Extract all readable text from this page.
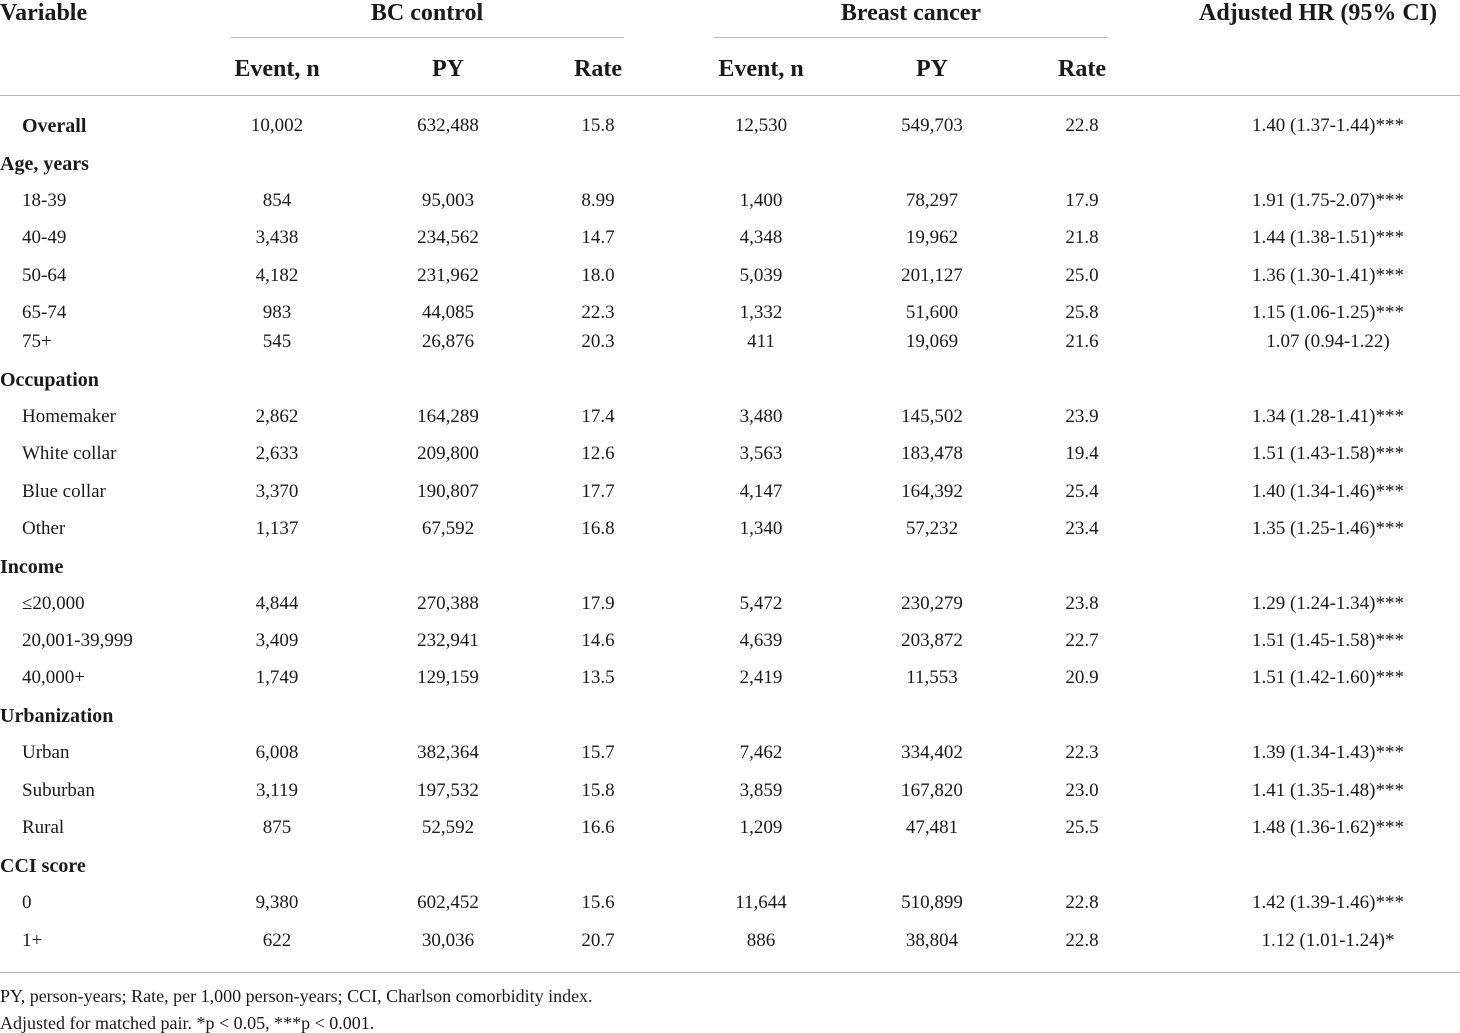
Variable	BC control	Breast cancer	Adjusted HR (95% CI)
Event, n	PY	Rate	Event, n	PY	Rate
Overall	10,002	632,488	15.8	12,530	549,703	22.8	1.40 (1.37-1.44)***
Age, years
18-39	854	95,003	8.99	1,400	78,297	17.9	1.91 (1.75-2.07)***
40-49	3,438	234,562	14.7	4,348	19,962	21.8	1.44 (1.38-1.51)***
50-64	4,182	231,962	18.0	5,039	201,127	25.0	1.36 (1.30-1.41)***
65-74	983	44,085	22.3	1,332	51,600	25.8	1.15 (1.06-1.25)***
75+	545	26,876	20.3	411	19,069	21.6	1.07 (0.94-1.22)
Occupation
Homemaker	2,862	164,289	17.4	3,480	145,502	23.9	1.34 (1.28-1.41)***
White collar	2,633	209,800	12.6	3,563	183,478	19.4	1.51 (1.43-1.58)***
Blue collar	3,370	190,807	17.7	4,147	164,392	25.4	1.40 (1.34-1.46)***
Other	1,137	67,592	16.8	1,340	57,232	23.4	1.35 (1.25-1.46)***
Income
≤20,000	4,844	270,388	17.9	5,472	230,279	23.8	1.29 (1.24-1.34)***
20,001-39,999	3,409	232,941	14.6	4,639	203,872	22.7	1.51 (1.45-1.58)***
40,000+	1,749	129,159	13.5	2,419	11,553	20.9	1.51 (1.42-1.60)***
Urbanization
Urban	6,008	382,364	15.7	7,462	334,402	22.3	1.39 (1.34-1.43)***
Suburban	3,119	197,532	15.8	3,859	167,820	23.0	1.41 (1.35-1.48)***
Rural	875	52,592	16.6	1,209	47,481	25.5	1.48 (1.36-1.62)***
CCI score
0	9,380	602,452	15.6	11,644	510,899	22.8	1.42 (1.39-1.46)***
1+	622	30,036	20.7	886	38,804	22.8	1.12 (1.01-1.24)*
PY, person-years; Rate, per 1,000 person-years; CCI, Charlson comorbidity index.
Adjusted for matched pair. *p < 0.05, ***p < 0.001.
